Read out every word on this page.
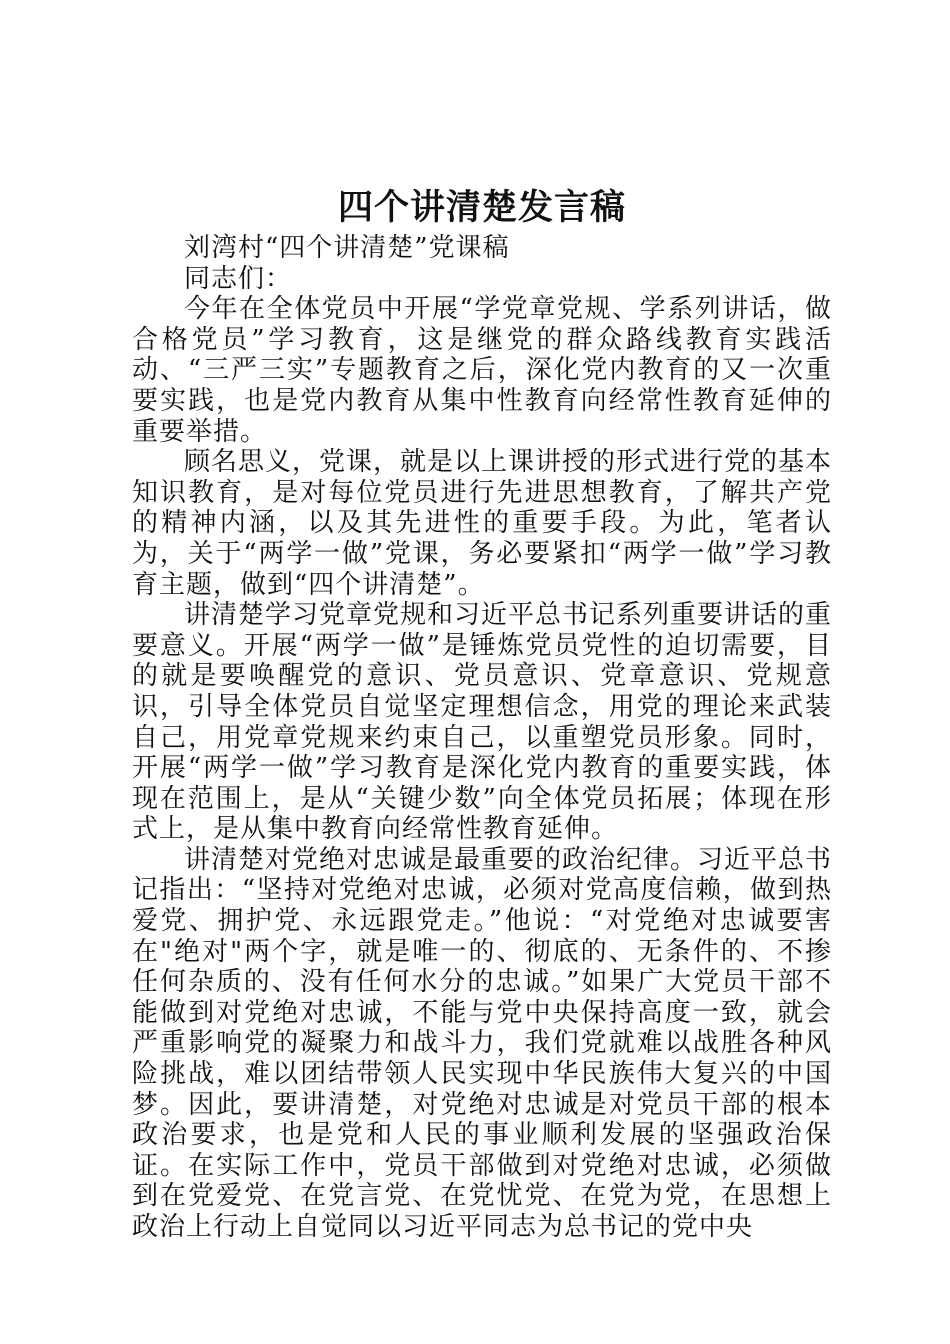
四个讲清楚发言稿

刘湾村“四个讲清楚”党课稿

同志们：

今年在全体党员中开展“学党章党规、学系列讲话，做合格党员”学习教育，这是继党的群众路线教育实践活动、“三严三实”专题教育之后，深化党内教育的又一次重要实践，也是党内教育从集中性教育向经常性教育延伸的重要举措。

顾名思义，党课，就是以上课讲授的形式进行党的基本知识教育，是对每位党员进行先进思想教育，了解共产党的精神内涵，以及其先进性的重要手段。为此，笔者认为，关于“两学一做”党课，务必要紧扣“两学一做”学习教育主题，做到“四个讲清楚”。

讲清楚学习党章党规和习近平总书记系列重要讲话的重要意义。开展“两学一做”是锤炼党员党性的迫切需要，目的就是要唤醒党的意识、党员意识、党章意识、党规意识，引导全体党员自觉坚定理想信念，用党的理论来武装自己，用党章党规来约束自己，以重塑党员形象。同时，开展“两学一做”学习教育是深化党内教育的重要实践，体现在范围上，是从“关键少数”向全体党员拓展；体现在形式上，是从集中教育向经常性教育延伸。

讲清楚对党绝对忠诚是最重要的政治纪律。习近平总书记指出：“坚持对党绝对忠诚，必须对党高度信赖，做到热爱党、拥护党、永远跟党走。”他说：“对党绝对忠诚要害在"绝对"两个字，就是唯一的、彻底的、无条件的、不掺任何杂质的、没有任何水分的忠诚。”如果广大党员干部不能做到对党绝对忠诚，不能与党中央保持高度一致，就会严重影响党的凝聚力和战斗力，我们党就难以战胜各种风险挑战，难以团结带领人民实现中华民族伟大复兴的中国梦。因此，要讲清楚，对党绝对忠诚是对党员干部的根本政治要求，也是党和人民的事业顺利发展的坚强政治保证。在实际工作中，党员干部做到对党绝对忠诚，必须做到在党爱党、在党言党、在党忧党、在党为党，在思想上政治上行动上自觉同以习近平同志为总书记的党中央
